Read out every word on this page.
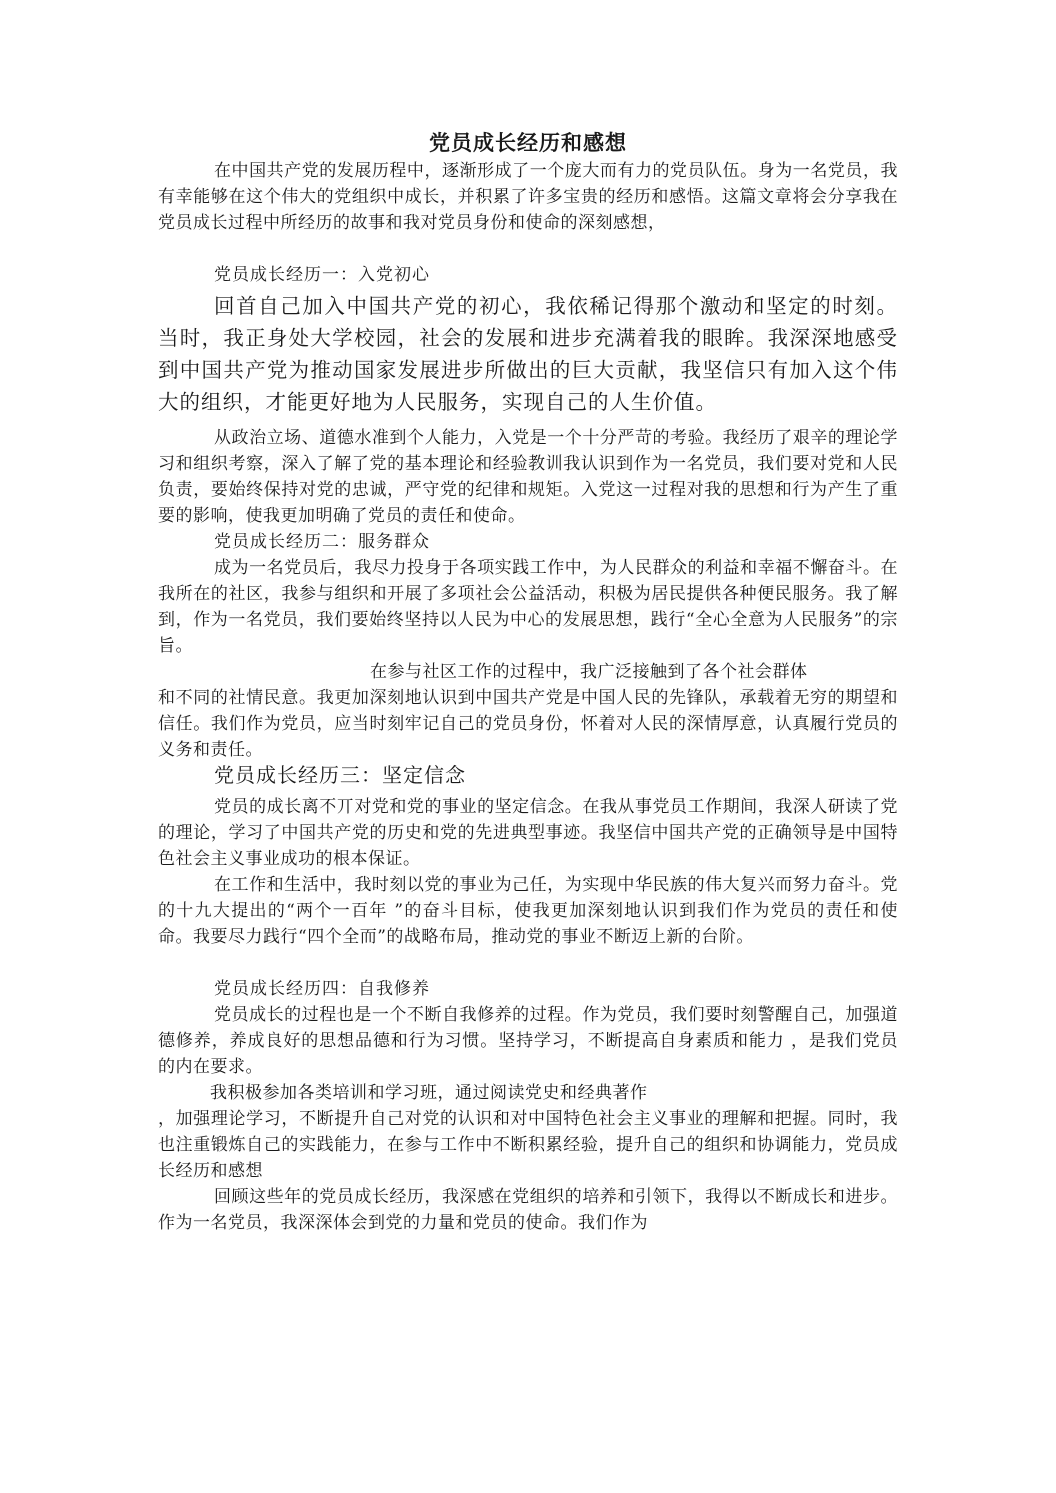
党员成长经历和感想

在中国共产党的发展历程中，逐渐形成了一个庞大而有力的党员队伍。身为一名党员，我有幸能够在这个伟大的党组织中成长，并积累了许多宝贵的经历和感悟。这篇文章将会分享我在党员成长过程中所经历的故事和我对党员身份和使命的深刻感想，

党员成长经历一：入党初心

回首自己加入中国共产党的初心，我依稀记得那个激动和坚定的时刻。当时，我正身处大学校园，社会的发展和进步充满着我的眼眸。我深深地感受到中国共产党为推动国家发展进步所做出的巨大贡献，我坚信只有加入这个伟大的组织，才能更好地为人民服务，实现自己的人生价值。

从政治立场、道德水准到个人能力，入党是一个十分严苛的考验。我经历了艰辛的理论学习和组织考察，深入了解了党的基本理论和经验教训我认识到作为一名党员，我们要对党和人民负责，要始终保持对党的忠诚，严守党的纪律和规矩。入党这一过程对我的思想和行为产生了重要的影响，使我更加明确了党员的责任和使命。

党员成长经历二：服务群众

成为一名党员后，我尽力投身于各项实践工作中，为人民群众的利益和幸福不懈奋斗。在我所在的社区，我参与组织和开展了多项社会公益活动，积极为居民提供各种便民服务。我了解到，作为一名党员，我们要始终坚持以人民为中心的发展思想，践行“全心全意为人民服务”的宗旨。

在参与社区工作的过程中，我广泛接触到了各个社会群体

和不同的社情民意。我更加深刻地认识到中国共产党是中国人民的先锋队，承载着无穷的期望和信任。我们作为党员，应当时刻牢记自己的党员身份，怀着对人民的深情厚意，认真履行党员的义务和责任。

党员成长经历三：坚定信念

党员的成长离不丌对党和党的事业的坚定信念。在我从事党员工作期间，我深人研读了党的理论，学习了中国共产党的历史和党的先进典型事迹。我坚信中国共产党的正确领导是中国特色社会主义事业成功的根本保证。

在工作和生活中，我时刻以党的事业为己任，为实现中华民族的伟大复兴而努力奋斗。党的十九大提出的“两个一百年 ”的奋斗目标，使我更加深刻地认识到我们作为党员的责任和使命。我要尽力践行“四个全而”的战略布局，推动党的事业不断迈上新的台阶。

党员成长经历四：自我修养

党员成长的过程也是一个不断自我修养的过程。作为党员，我们要时刻警醒自己，加强道德修养，养成良好的思想品德和行为习惯。坚持学习，不断提高自身素质和能力 ，是我们党员的内在要求。

我积极参加各类培训和学习班，通过阅读党史和经典著作

，加强理论学习，不断提升自己对党的认识和对中国特色社会主义事业的理解和把握。同时，我也注重锻炼自己的实践能力，在参与工作中不断积累经验，提升自己的组织和协调能力，党员成长经历和感想

回顾这些年的党员成长经历，我深感在党组织的培养和引领下，我得以不断成长和进步。作为一名党员，我深深体会到党的力量和党员的使命。我们作为
